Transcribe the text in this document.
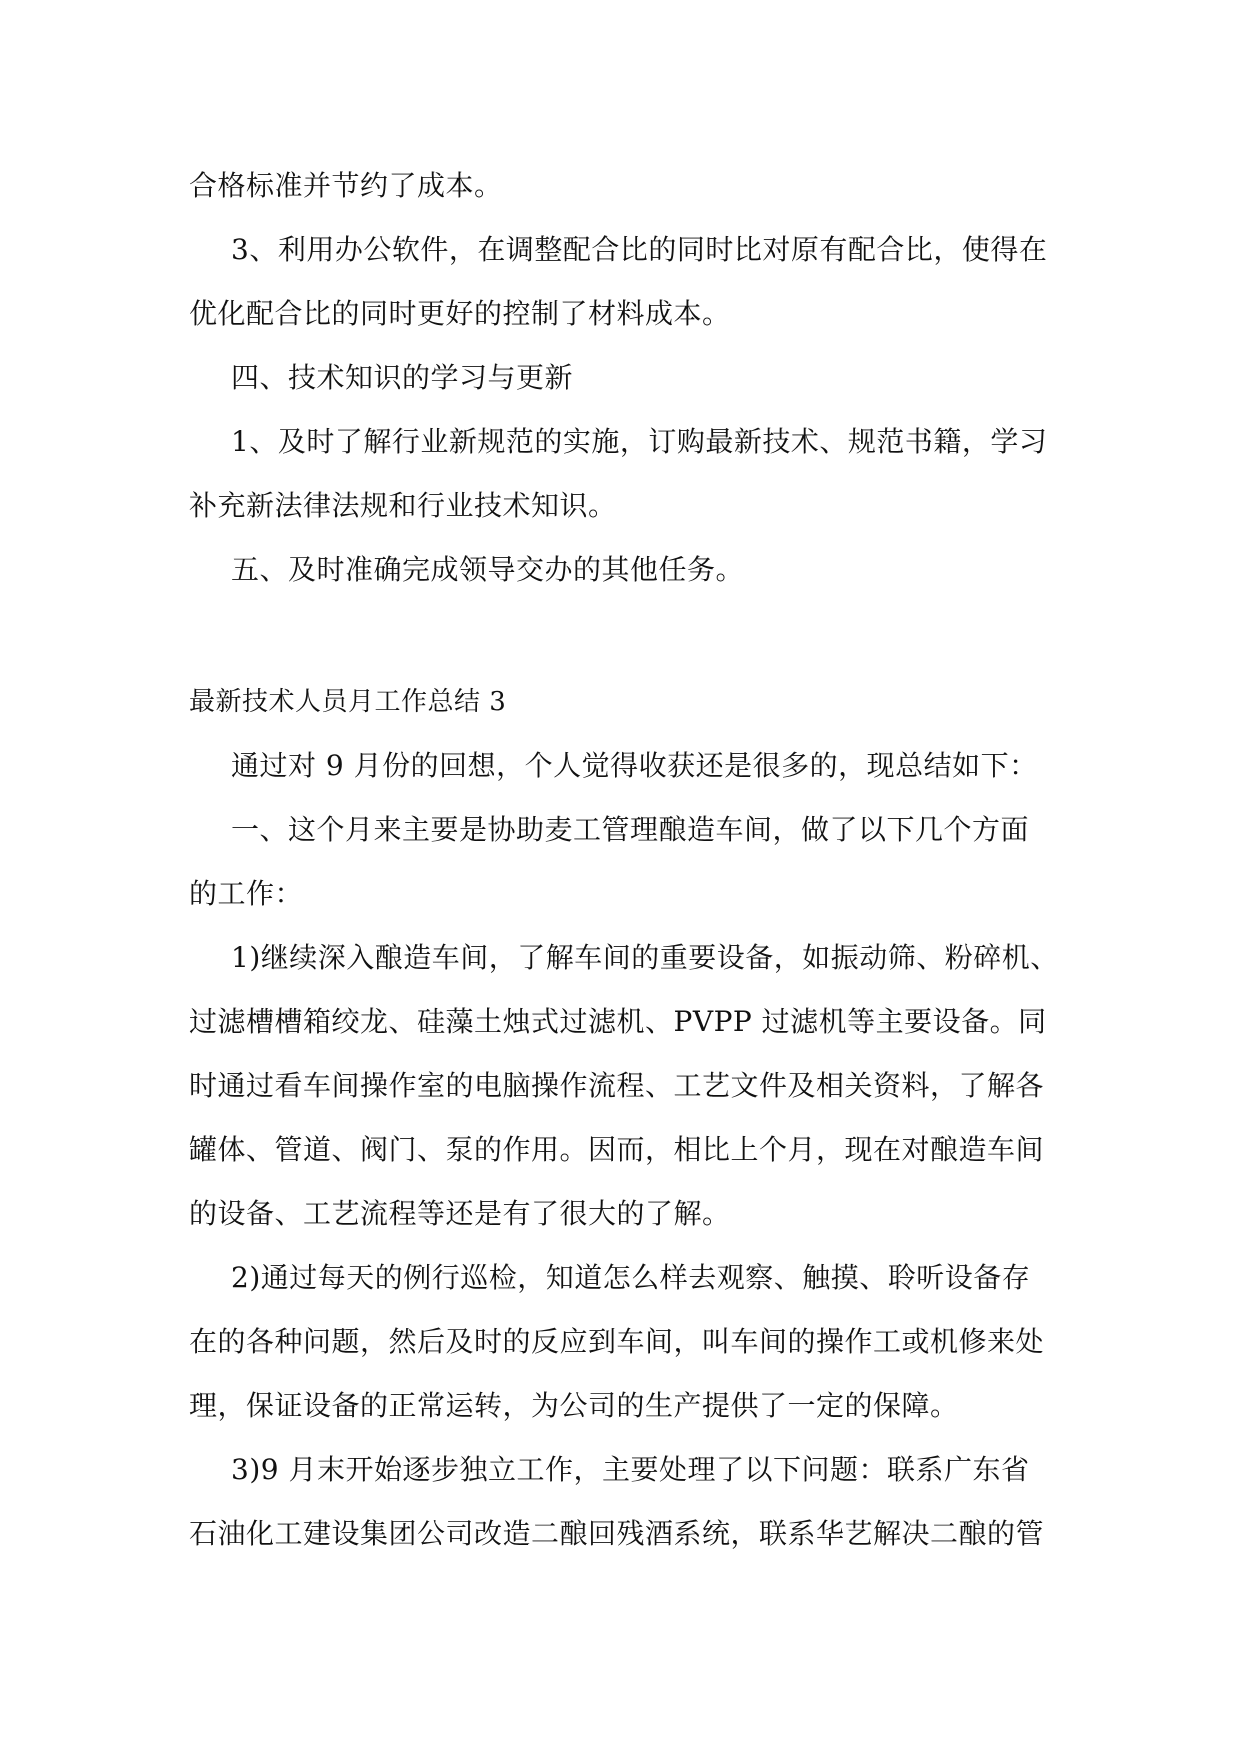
合格标准并节约了成本。
3、利用办公软件，在调整配合比的同时比对原有配合比，使得在
优化配合比的同时更好的控制了材料成本。
四、技术知识的学习与更新
1、及时了解行业新规范的实施，订购最新技术、规范书籍，学习
补充新法律法规和行业技术知识。
五、及时准确完成领导交办的其他任务。
最新技术人员月工作总结 3
通过对 9 月份的回想，个人觉得收获还是很多的，现总结如下：
一、这个月来主要是协助麦工管理酿造车间，做了以下几个方面
的工作：
1)继续深入酿造车间，了解车间的重要设备，如振动筛、粉碎机、
过滤槽槽箱绞龙、硅藻土烛式过滤机、PVPP 过滤机等主要设备。同
时通过看车间操作室的电脑操作流程、工艺文件及相关资料，了解各
罐体、管道、阀门、泵的作用。因而，相比上个月，现在对酿造车间
的设备、工艺流程等还是有了很大的了解。
2)通过每天的例行巡检，知道怎么样去观察、触摸、聆听设备存
在的各种问题，然后及时的反应到车间，叫车间的操作工或机修来处
理，保证设备的正常运转，为公司的生产提供了一定的保障。
3)9 月末开始逐步独立工作，主要处理了以下问题：联系广东省
石油化工建设集团公司改造二酿回残酒系统，联系华艺解决二酿的管
